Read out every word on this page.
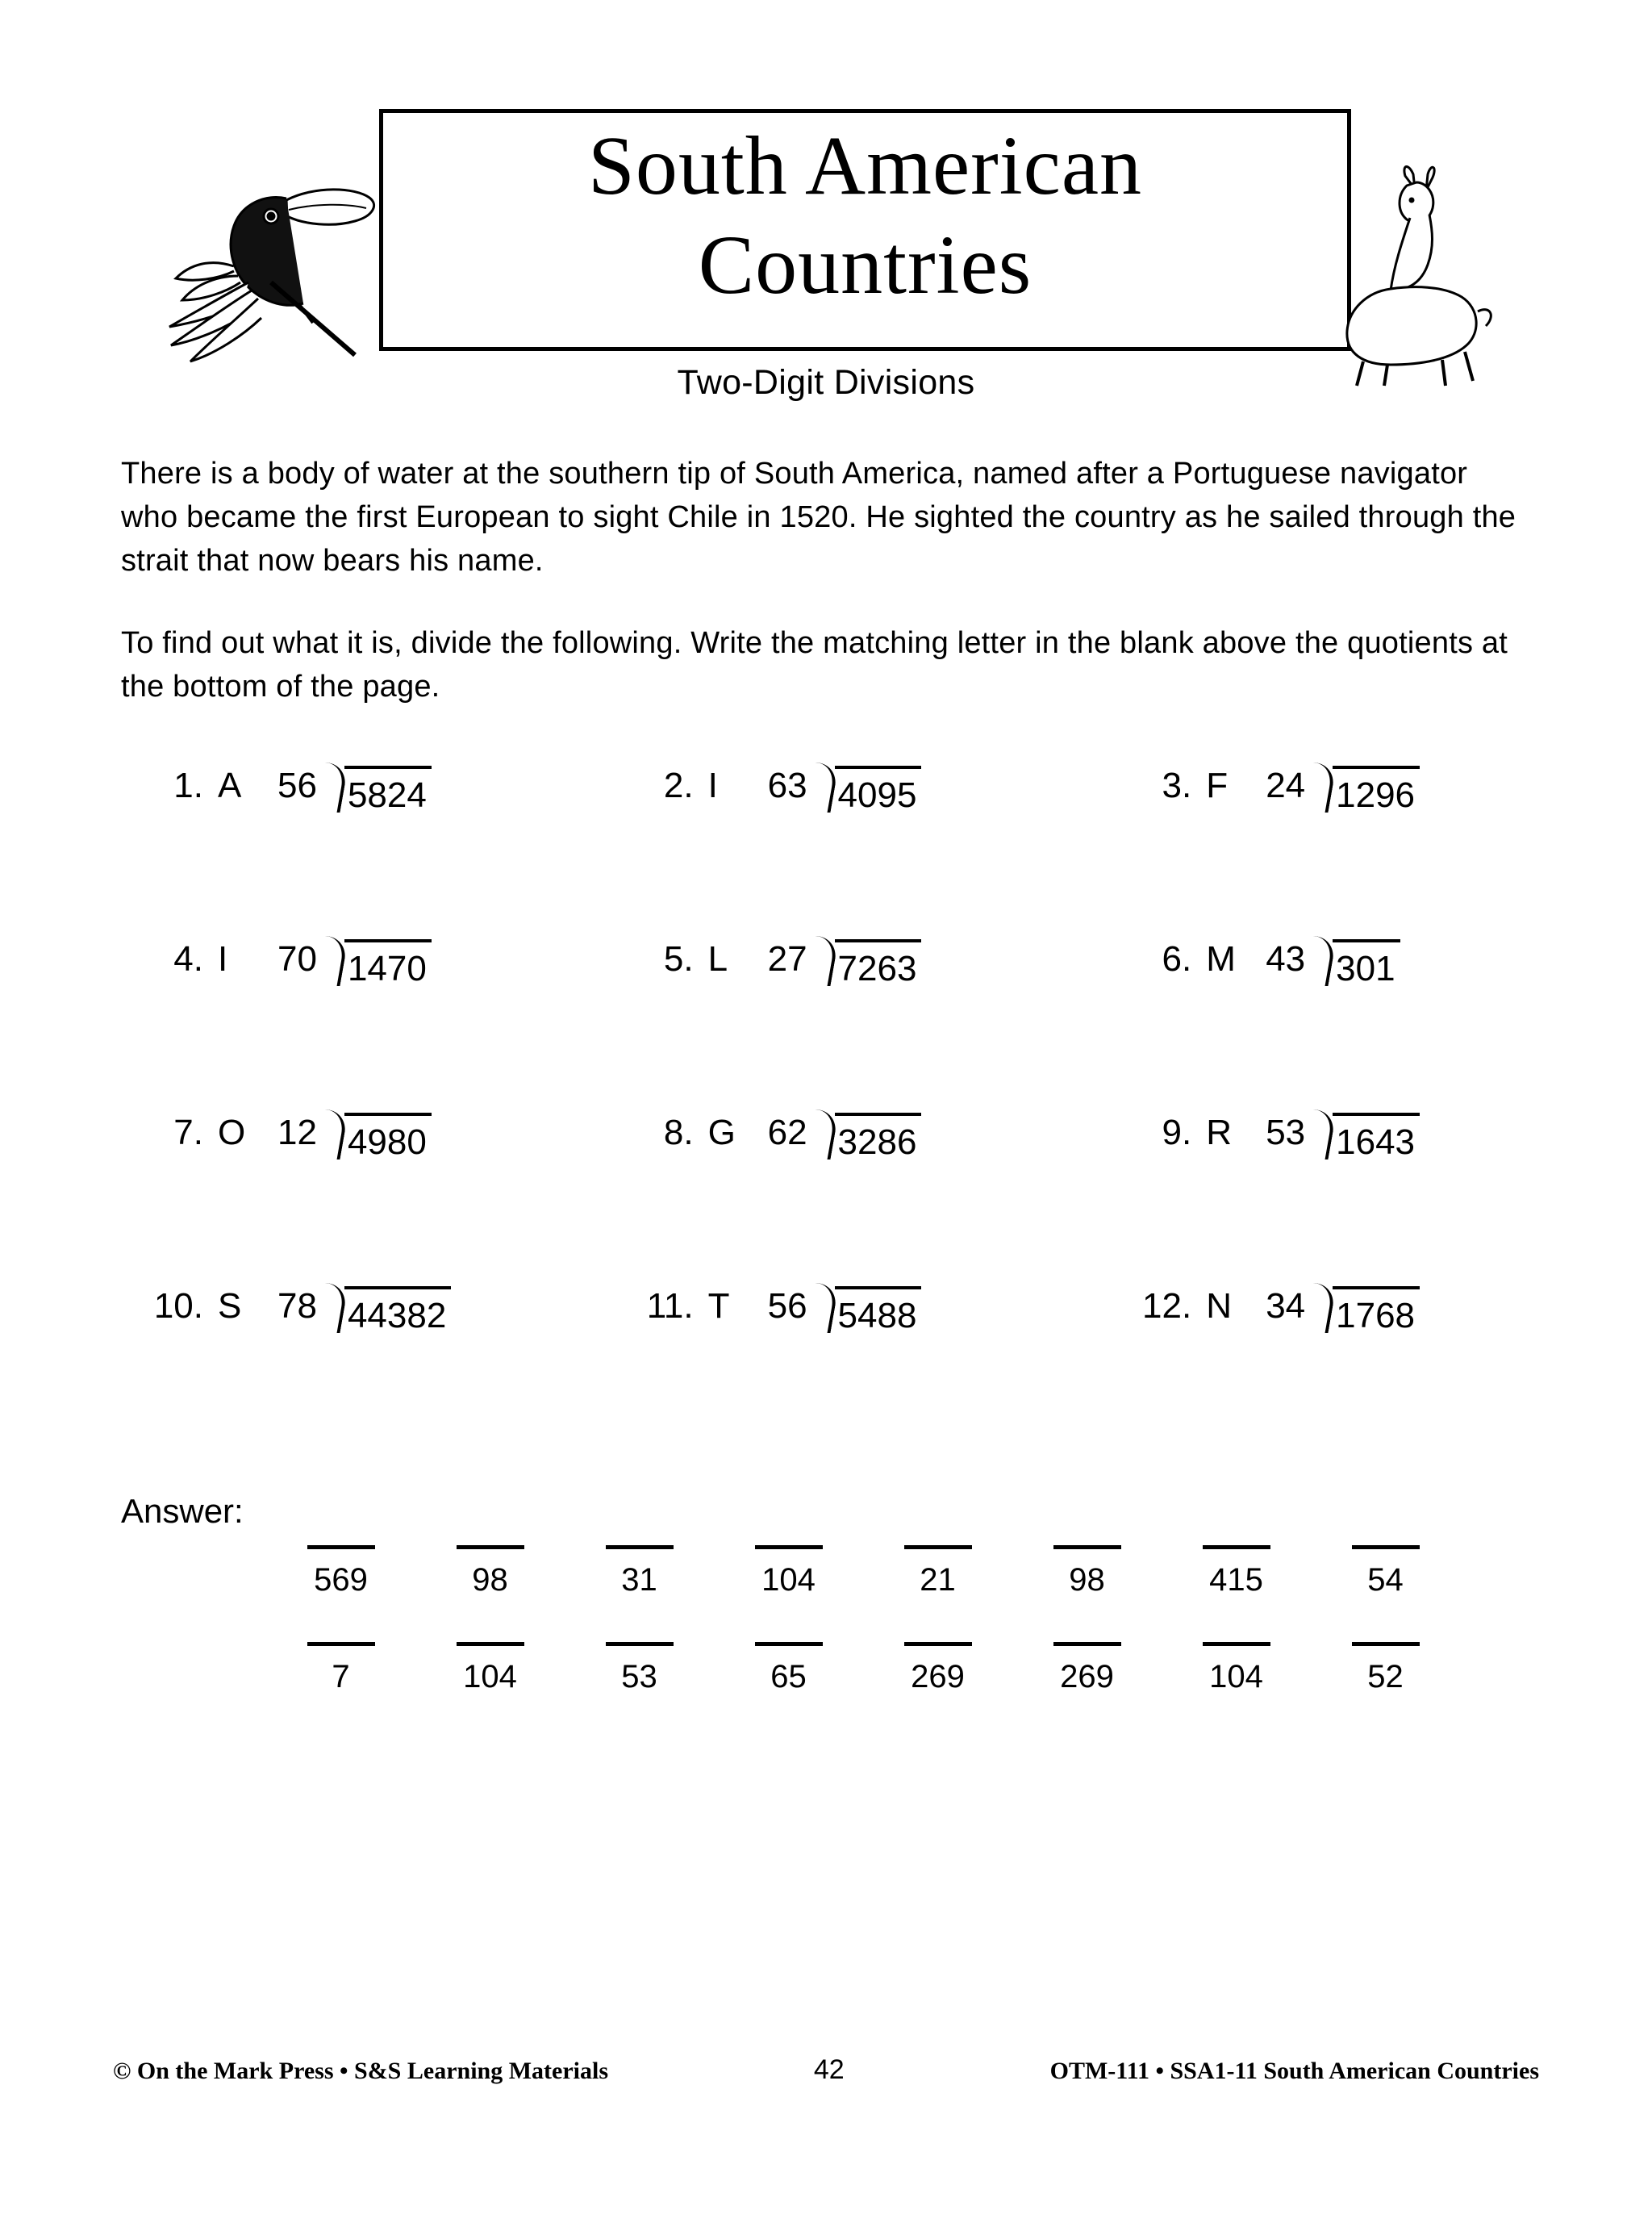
South American
Countries
Two-Digit Divisions

There is a body of water at the southern tip of South America, named after a Portuguese navigator who became the first European to sight Chile in 1520. He sighted the country as he sailed through the strait that now bears his name.

To find out what it is, divide the following. Write the matching letter in the blank above the quotients at the bottom of the page.

1. A	56 5824	2. I	63 4095	3. F	24 1296
4. I	70 1470	5. L	27 7263	6. M 43 301
7. O 12 4980	8. G 62 3286	9. R 53 1643
10. S	78 44382	11. T	56 5488	12. N 34 1768
Answer:
569	98	31	104	21	98	415	54
7	104	53	65	269	269	104	52
© On the Mark Press • S&S Learning Materials	42	OTM-111 • SSA1-11 South American Countries
